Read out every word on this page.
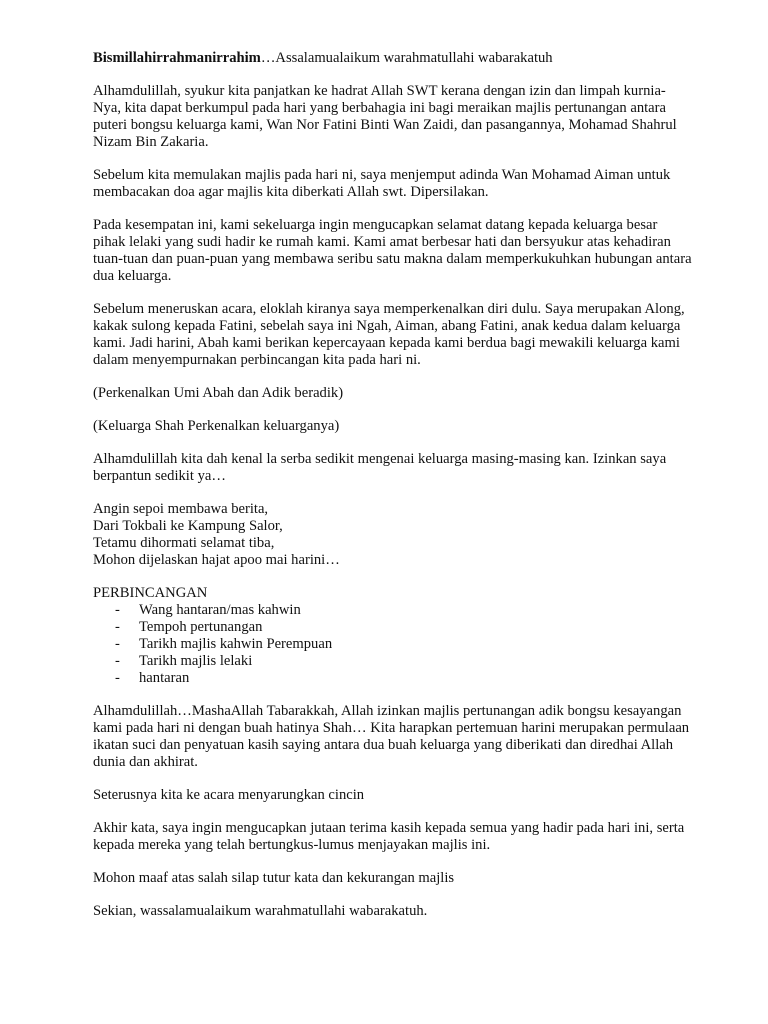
Bismillahirrahmanirrahim…Assalamualaikum warahmatullahi wabarakatuh

Alhamdulillah, syukur kita panjatkan ke hadrat Allah SWT kerana dengan izin dan limpah kurnia-Nya, kita dapat berkumpul pada hari yang berbahagia ini bagi meraikan majlis pertunangan antara puteri bongsu keluarga kami, Wan Nor Fatini Binti Wan Zaidi, dan pasangannya, Mohamad Shahrul Nizam Bin Zakaria.

Sebelum kita memulakan majlis pada hari ni, saya menjemput adinda Wan Mohamad Aiman untuk membacakan doa agar majlis kita diberkati Allah swt. Dipersilakan.

Pada kesempatan ini, kami sekeluarga ingin mengucapkan selamat datang kepada keluarga besar pihak lelaki yang sudi hadir ke rumah kami. Kami amat berbesar hati dan bersyukur atas kehadiran tuan-tuan dan puan-puan yang membawa seribu satu makna dalam memperkukuhkan hubungan antara dua keluarga.

Sebelum meneruskan acara, eloklah kiranya saya memperkenalkan diri dulu. Saya merupakan Along, kakak sulong kepada Fatini, sebelah saya ini Ngah, Aiman, abang Fatini, anak kedua dalam keluarga kami. Jadi harini, Abah kami berikan kepercayaan kepada kami berdua bagi mewakili keluarga kami dalam menyempurnakan perbincangan kita pada hari ni.

(Perkenalkan Umi Abah dan Adik beradik)

(Keluarga Shah Perkenalkan keluarganya)

Alhamdulillah kita dah kenal la serba sedikit mengenai keluarga masing-masing kan. Izinkan saya berpantun sedikit ya…

Angin sepoi membawa berita,
Dari Tokbali ke Kampung Salor,
Tetamu dihormati selamat tiba,
Mohon dijelaskan hajat apoo mai harini…

PERBINCANGAN
- Wang hantaran/mas kahwin
- Tempoh pertunangan
- Tarikh majlis kahwin Perempuan
- Tarikh majlis lelaki
- hantaran

Alhamdulillah…MashaAllah Tabarakkah, Allah izinkan majlis pertunangan adik bongsu kesayangan kami pada hari ni dengan buah hatinya Shah… Kita harapkan pertemuan harini merupakan permulaan ikatan suci dan penyatuan kasih saying antara dua buah keluarga yang diberikati dan diredhai Allah dunia dan akhirat.

Seterusnya kita ke acara menyarungkan cincin

Akhir kata, saya ingin mengucapkan jutaan terima kasih kepada semua yang hadir pada hari ini, serta kepada mereka yang telah bertungkus-lumus menjayakan majlis ini.

Mohon maaf atas salah silap tutur kata dan kekurangan majlis

Sekian, wassalamualaikum warahmatullahi wabarakatuh.
